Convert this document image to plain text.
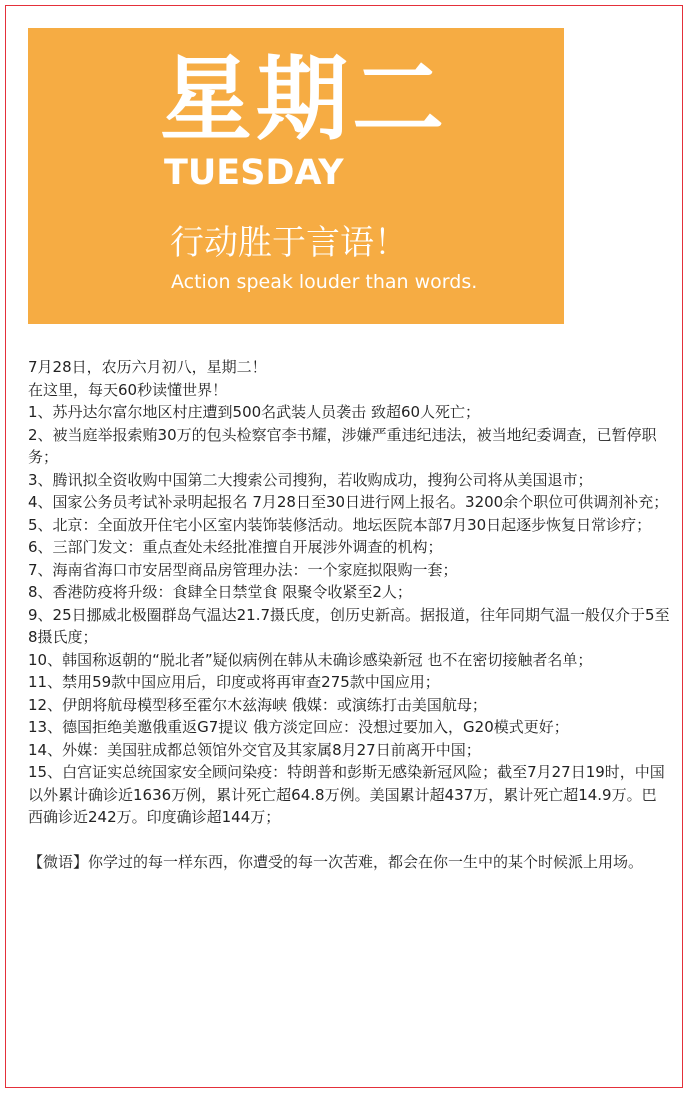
星期二
TUESDAY
行动胜于言语！
Action speak louder than words.

7月28日，农历六月初八，星期二！

在这里，每天60秒读懂世界！

1、苏丹达尔富尔地区村庄遭到500名武装人员袭击 致超60人死亡；

2、被当庭举报索贿30万的包头检察官李书耀，涉嫌严重违纪违法，被当地纪委调查，已暂停职务；

3、腾讯拟全资收购中国第二大搜索公司搜狗，若收购成功，搜狗公司将从美国退市；

4、国家公务员考试补录明起报名 7月28日至30日进行网上报名。3200余个职位可供调剂补充；

5、北京：全面放开住宅小区室内装饰装修活动。地坛医院本部7月30日起逐步恢复日常诊疗；

6、三部门发文：重点查处未经批准擅自开展涉外调查的机构；

7、海南省海口市安居型商品房管理办法：一个家庭拟限购一套；

8、香港防疫将升级：食肆全日禁堂食 限聚令收紧至2人；

9、25日挪威北极圈群岛气温达21.7摄氏度，创历史新高。据报道，往年同期气温一般仅介于5至8摄氏度；

10、韩国称返朝的“脱北者”疑似病例在韩从未确诊感染新冠 也不在密切接触者名单；

11、禁用59款中国应用后，印度或将再审查275款中国应用；

12、伊朗将航母模型移至霍尔木兹海峡 俄媒：或演练打击美国航母；

13、德国拒绝美邀俄重返G7提议 俄方淡定回应：没想过要加入，G20模式更好；

14、外媒：美国驻成都总领馆外交官及其家属8月27日前离开中国；

15、白宫证实总统国家安全顾问染疫：特朗普和彭斯无感染新冠风险；截至7月27日19时，中国以外累计确诊近1636万例，累计死亡超64.8万例。美国累计超437万，累计死亡超14.9万。巴西确诊近242万。印度确诊超144万；

【微语】你学过的每一样东西，你遭受的每一次苦难，都会在你一生中的某个时候派上用场。
